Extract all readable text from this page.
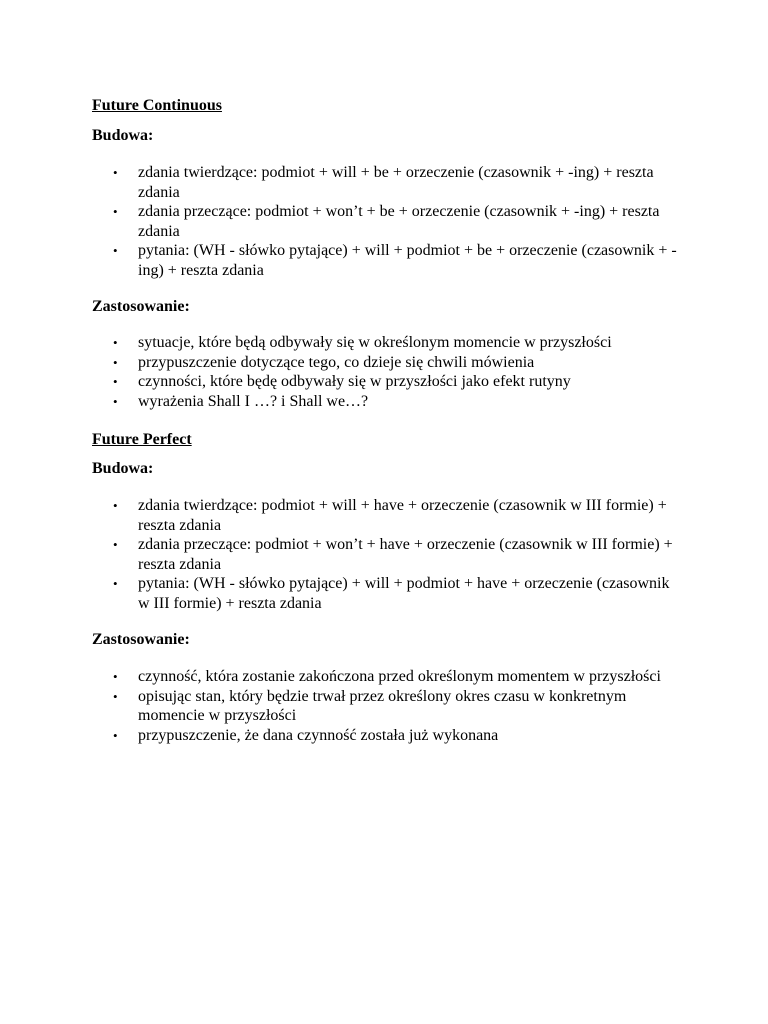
Future Continuous
Budowa:
• zdania twierdzące: podmiot + will + be + orzeczenie (czasownik + -ing) + reszta zdania
• zdania przeczące: podmiot + won’t + be + orzeczenie (czasownik + -ing) + reszta zdania
• pytania: (WH - słówko pytające) + will + podmiot + be + orzeczenie (czasownik + -ing) + reszta zdania
Zastosowanie:
• sytuacje, które będą odbywały się w określonym momencie w przyszłości
• przypuszczenie dotyczące tego, co dzieje się chwili mówienia
• czynności, które będę odbywały się w przyszłości jako efekt rutyny
• wyrażenia Shall I …? i Shall we…?
Future Perfect
Budowa:
• zdania twierdzące: podmiot + will + have + orzeczenie (czasownik w III formie) + reszta zdania
• zdania przeczące: podmiot + won’t + have + orzeczenie (czasownik w III formie) + reszta zdania
• pytania: (WH - słówko pytające) + will + podmiot + have + orzeczenie (czasownik w III formie) + reszta zdania
Zastosowanie:
• czynność, która zostanie zakończona przed określonym momentem w przyszłości
• opisując stan, który będzie trwał przez określony okres czasu w konkretnym momencie w przyszłości
• przypuszczenie, że dana czynność została już wykonana
